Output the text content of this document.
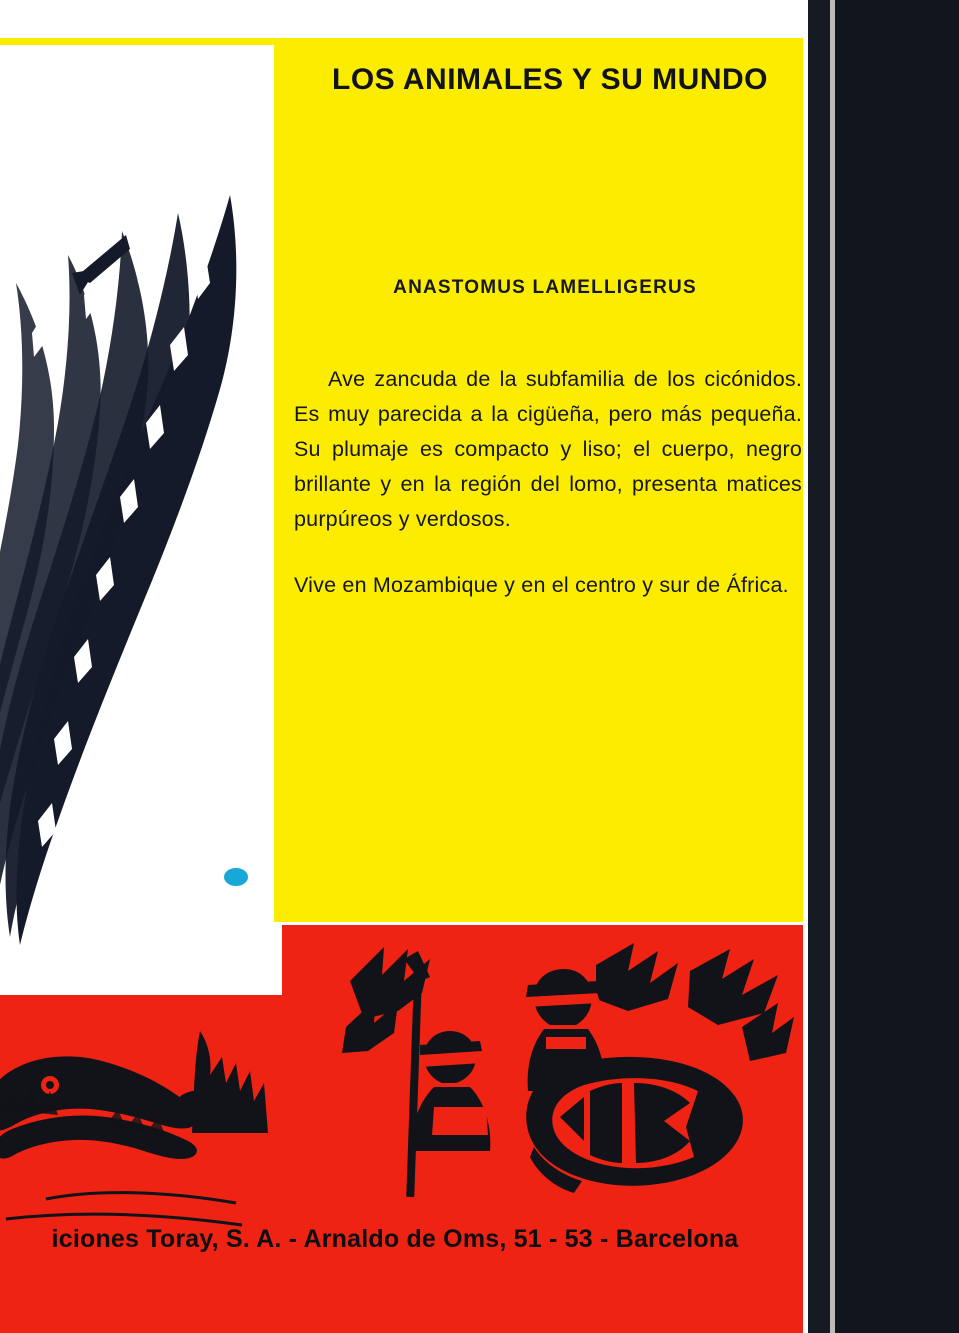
LOS ANIMALES Y SU MUNDO
ANASTOMUS LAMELLIGERUS
Ave zancuda de la subfamilia de los cicónidos. Es muy parecida a la cigüeña, pero más pequeña. Su plumaje es compacto y liso; el cuerpo, negro brillante y en la región del lomo, presenta matices purpúreos y verdosos.
Vive en Mozambique y en el centro y sur de África.
iciones Toray, S. A. - Arnaldo de Oms, 51 - 53 - Barcelona
